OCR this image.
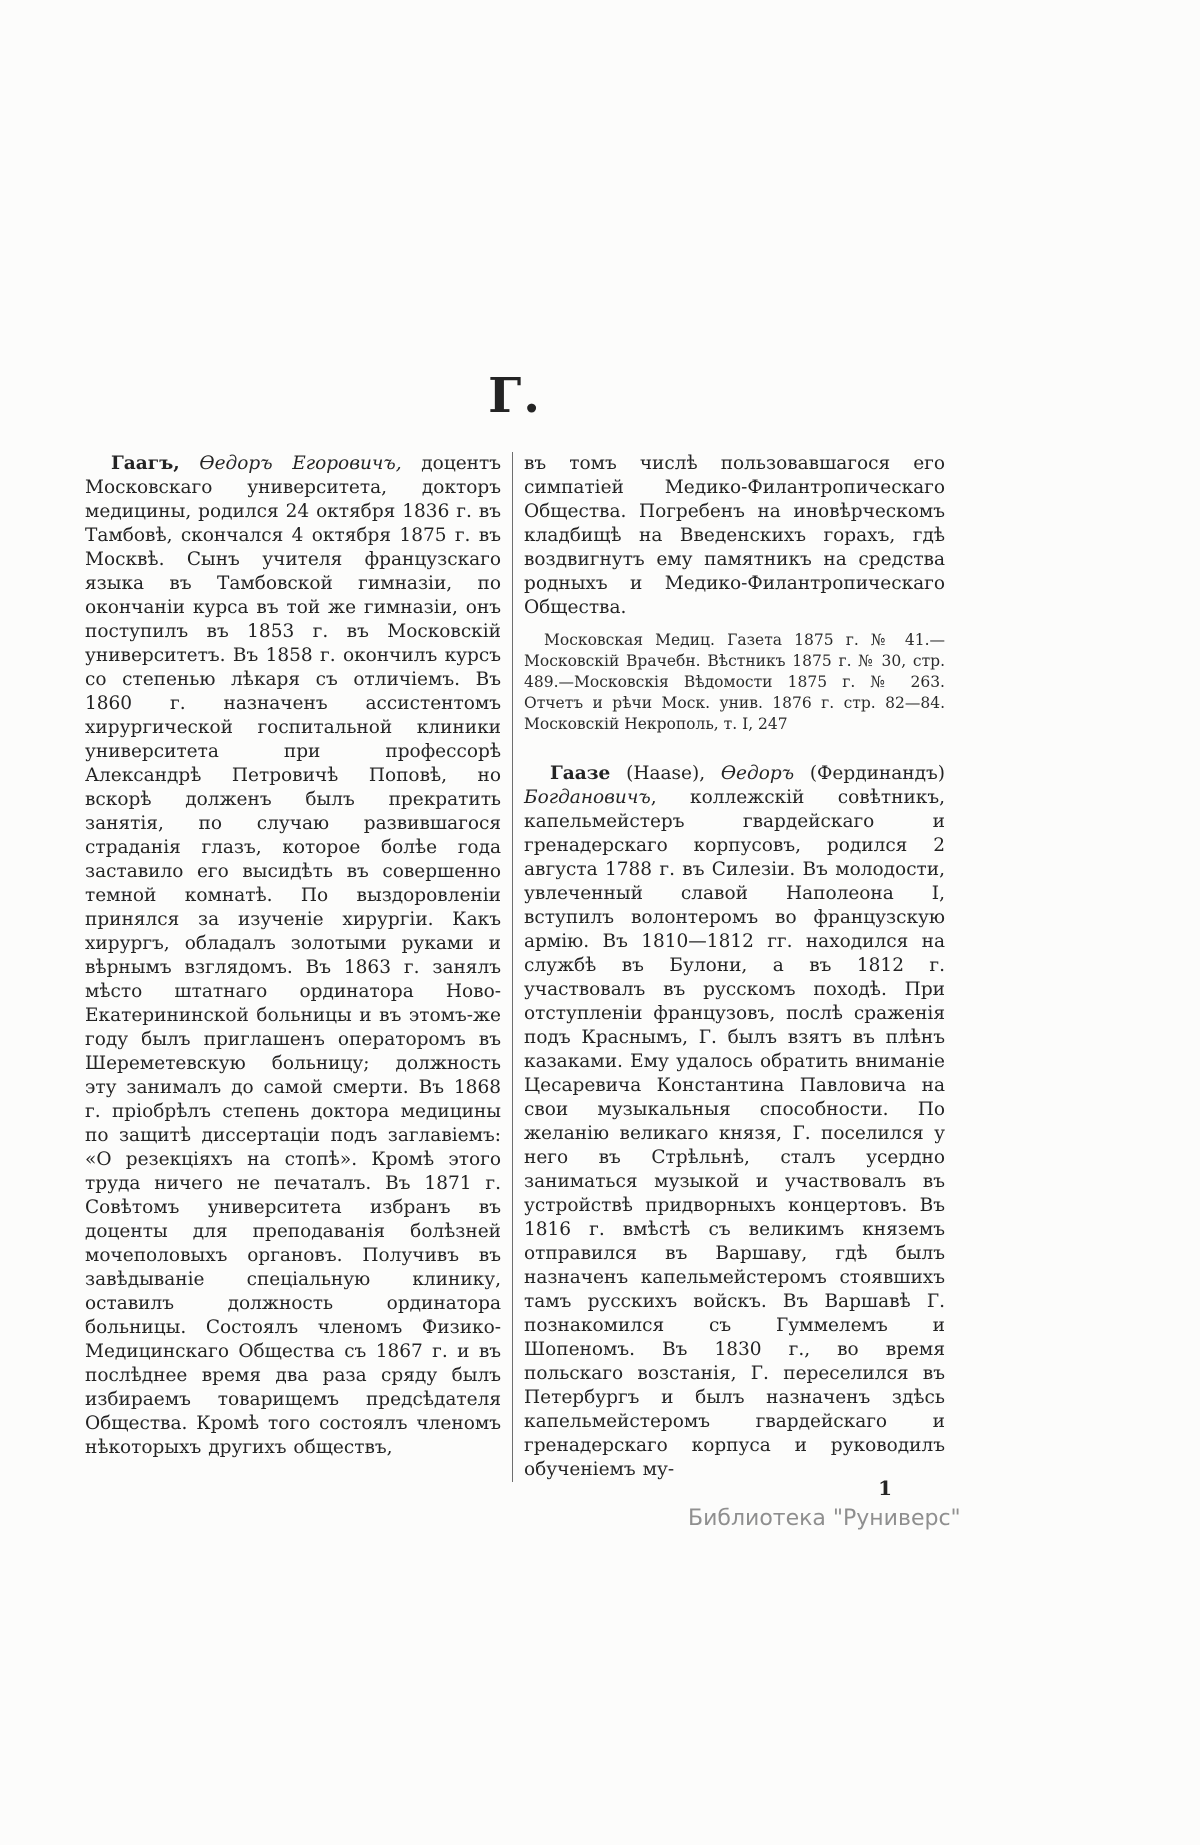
Г.

Гаагъ, Ѳедоръ Егоровичъ, доцентъ Московскаго университета, докторъ медицины, родился 24 октября 1836 г. въ Тамбовѣ, скончался 4 октября 1875 г. въ Москвѣ. Сынъ учителя французскаго языка въ Тамбовской гимназіи, по окончаніи курса въ той же гимназіи, онъ поступилъ въ 1853 г. въ Московскій университетъ. Въ 1858 г. окончилъ курсъ со степенью лѣкаря съ отличіемъ. Въ 1860 г. назначенъ ассистентомъ хирургической госпитальной клиники университета при профессорѣ Александрѣ Петровичѣ Поповѣ, но вскорѣ долженъ былъ прекратить занятія, по случаю развившагося страданія глазъ, которое болѣе года заставило его высидѣть въ совершенно темной комнатѣ. По выздоровленіи принялся за изученіе хирургіи. Какъ хирургъ, обладалъ золотыми руками и вѣрнымъ взглядомъ. Въ 1863 г. занялъ мѣсто штатнаго ординатора Ново-Екатерининской больницы и въ этомъ-же году былъ приглашенъ операторомъ въ Шереметевскую больницу; должность эту занималъ до самой смерти. Въ 1868 г. пріобрѣлъ степень доктора медицины по защитѣ диссертаціи подъ заглавіемъ: «О резекціяхъ на стопѣ». Кромѣ этого труда ничего не печаталъ. Въ 1871 г. Совѣтомъ университета избранъ въ доценты для преподаванія болѣзней мочеполовыхъ органовъ. Получивъ въ завѣдываніе спеціальную клинику, оставилъ должность ординатора больницы. Состоялъ членомъ Физико-Медицинскаго Общества съ 1867 г. и въ послѣднее время два раза сряду былъ избираемъ товарищемъ предсѣдателя Общества. Кромѣ того состоялъ членомъ нѣкоторыхъ другихъ обществъ,

въ томъ числѣ пользовавшагося его симпатіей Медико-Филантропическаго Общества. Погребенъ на иновѣрческомъ кладбищѣ на Введенскихъ горахъ, гдѣ воздвигнутъ ему памятникъ на средства родныхъ и Медико-Филантропическаго Общества.

Московская Медиц. Газета 1875 г. № 41.— Московскій Врачебн. Вѣстникъ 1875 г. № 30, стр. 489.—Московскія Вѣдомости 1875 г. № 263. Отчетъ и рѣчи Моск. унив. 1876 г. стр. 82—84. Московскій Некрополь, т. I, 247

Гаазе (Haase), Ѳедоръ (Фердинандъ) Богдановичъ, коллежскій совѣтникъ, капельмейстеръ гвардейскаго и гренадерскаго корпусовъ, родился 2 августа 1788 г. въ Силезіи. Въ молодости, увлеченный славой Наполеона I, вступилъ волонтеромъ во французскую армію. Въ 1810—1812 гг. находился на службѣ въ Булони, а въ 1812 г. участвовалъ въ русскомъ походѣ. При отступленіи французовъ, послѣ сраженія подъ Краснымъ, Г. былъ взятъ въ плѣнъ казаками. Ему удалось обратить вниманіе Цесаревича Константина Павловича на свои музыкальныя способности. По желанію великаго князя, Г. поселился у него въ Стрѣльнѣ, сталъ усердно заниматься музыкой и участвовалъ въ устройствѣ придворныхъ концертовъ. Въ 1816 г. вмѣстѣ съ великимъ княземъ отправился въ Варшаву, гдѣ былъ назначенъ капельмейстеромъ стоявшихъ тамъ русскихъ войскъ. Въ Варшавѣ Г. познакомился съ Гуммелемъ и Шопеномъ. Въ 1830 г., во время польскаго возстанія, Г. переселился въ Петербургъ и былъ назначенъ здѣсь капельмейстеромъ гвардейскаго и гренадерскаго корпуса и руководилъ обученіемъ му-

1
Библиотека "Руниверс"
